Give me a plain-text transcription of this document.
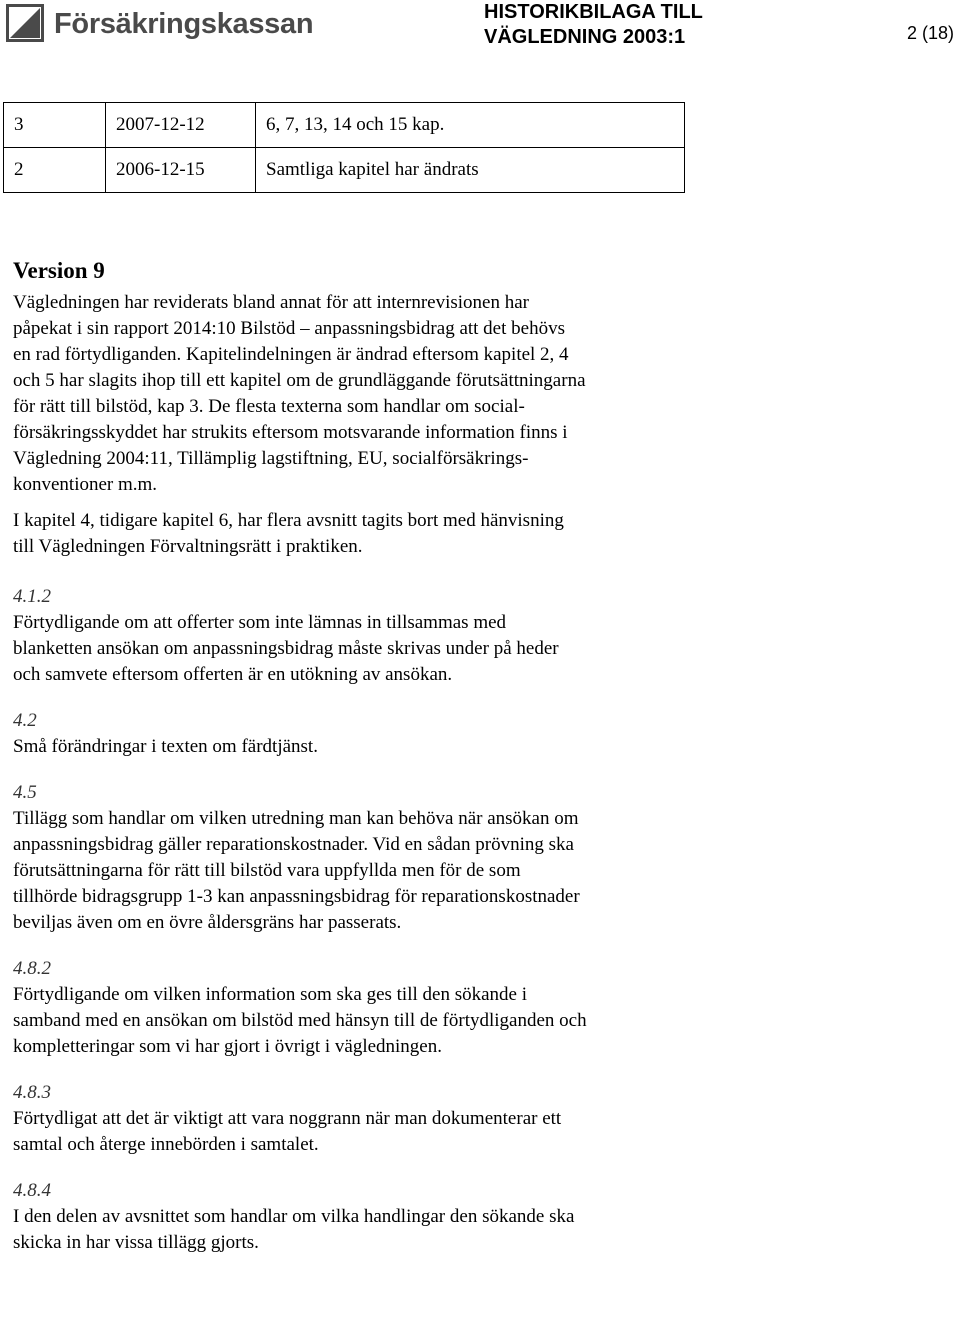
Försäkringskassan	HISTORIKBILAGA TILL
VÄGLEDNING 2003:1	2 (18)
3	2007-12-12	6, 7, 13, 14 och 15 kap.
2	2006-12-15	Samtliga kapitel har ändrats
Version 9

Vägledningen har reviderats bland annat för att internrevisionen har

påpekat i sin rapport 2014:10 Bilstöd – anpassningsbidrag att det behövs

en rad förtydliganden. Kapitelindelningen är ändrad eftersom kapitel 2, 4

och 5 har slagits ihop till ett kapitel om de grundläggande förutsättningarna

för rätt till bilstöd, kap 3. De flesta texterna som handlar om social-

försäkringsskyddet har strukits eftersom motsvarande information finns i

Vägledning 2004:11, Tillämplig lagstiftning, EU, socialförsäkrings-

konventioner m.m.

I kapitel 4, tidigare kapitel 6, har flera avsnitt tagits bort med hänvisning

till Vägledningen Förvaltningsrätt i praktiken.

4.1.2

Förtydligande om att offerter som inte lämnas in tillsammas med

blanketten ansökan om anpassningsbidrag måste skrivas under på heder

och samvete eftersom offerten är en utökning av ansökan.

4.2

Små förändringar i texten om färdtjänst.

4.5

Tillägg som handlar om vilken utredning man kan behöva när ansökan om

anpassningsbidrag gäller reparationskostnader. Vid en sådan prövning ska

förutsättningarna för rätt till bilstöd vara uppfyllda men för de som

tillhörde bidragsgrupp 1-3 kan anpassningsbidrag för reparationskostnader

beviljas även om en övre åldersgräns har passerats.

4.8.2

Förtydligande om vilken information som ska ges till den sökande i

samband med en ansökan om bilstöd med hänsyn till de förtydliganden och

kompletteringar som vi har gjort i övrigt i vägledningen.

4.8.3

Förtydligat att det är viktigt att vara noggrann när man dokumenterar ett

samtal och återge innebörden i samtalet.

4.8.4

I den delen av avsnittet som handlar om vilka handlingar den sökande ska

skicka in har vissa tillägg gjorts.
